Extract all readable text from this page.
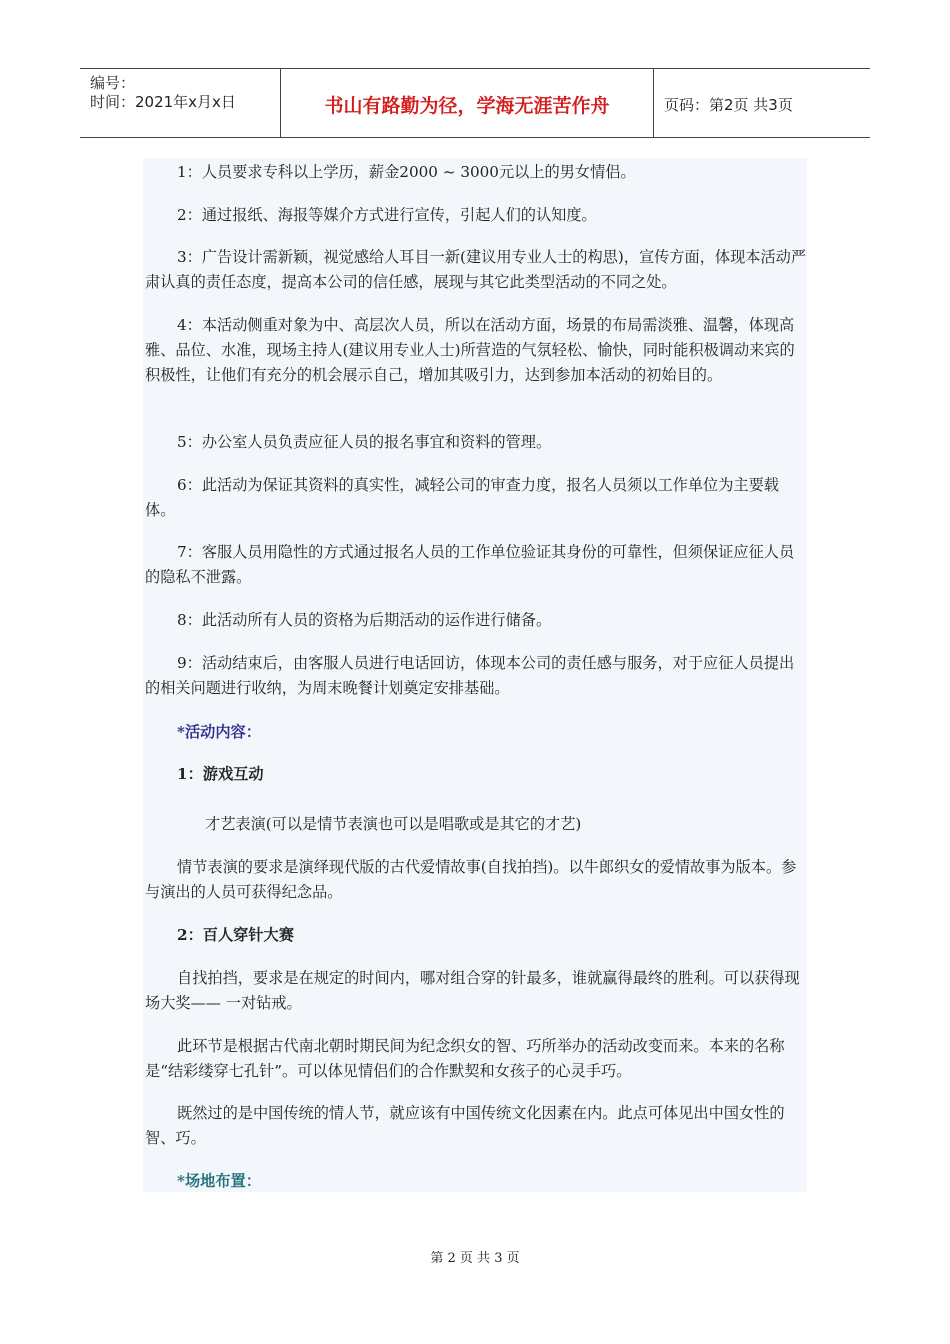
编号：
时间：2021年x月x日	书山有路勤为径，学海无涯苦作舟	页码：第2页 共3页

1：人员要求专科以上学历，薪金2000 ~ 3000元以上的男女情侣。

2：通过报纸、海报等媒介方式进行宣传，引起人们的认知度。

3：广告设计需新颖，视觉感给人耳目一新(建议用专业人士的构思)，宣传方面，体现本活动严肃认真的责任态度，提高本公司的信任感，展现与其它此类型活动的不同之处。

4：本活动侧重对象为中、高层次人员，所以在活动方面，场景的布局需淡雅、温馨，体现高雅、品位、水准，现场主持人(建议用专业人士)所营造的气氛轻松、愉快，同时能积极调动来宾的积极性，让他们有充分的机会展示自己，增加其吸引力，达到参加本活动的初始目的。

5：办公室人员负责应征人员的报名事宜和资料的管理。

6：此活动为保证其资料的真实性，减轻公司的审查力度，报名人员须以工作单位为主要载体。

7：客服人员用隐性的方式通过报名人员的工作单位验证其身份的可靠性，但须保证应征人员的隐私不泄露。

8：此活动所有人员的资格为后期活动的运作进行储备。

9：活动结束后，由客服人员进行电话回访，体现本公司的责任感与服务，对于应征人员提出的相关问题进行收纳，为周末晚餐计划奠定安排基础。

*活动内容：

1：游戏互动

才艺表演(可以是情节表演也可以是唱歌或是其它的才艺)

情节表演的要求是演绎现代版的古代爱情故事(自找拍挡)。以牛郎织女的爱情故事为版本。参与演出的人员可获得纪念品。

2：百人穿针大赛

自找拍挡，要求是在规定的时间内，哪对组合穿的针最多，谁就赢得最终的胜利。可以获得现场大奖—— 一对钻戒。

此环节是根据古代南北朝时期民间为纪念织女的智、巧所举办的活动改变而来。本来的名称是“结彩缕穿七孔针”。可以体见情侣们的合作默契和女孩子的心灵手巧。

既然过的是中国传统的情人节，就应该有中国传统文化因素在内。此点可体见出中国女性的智、巧。

*场地布置：

第 2 页 共 3 页
